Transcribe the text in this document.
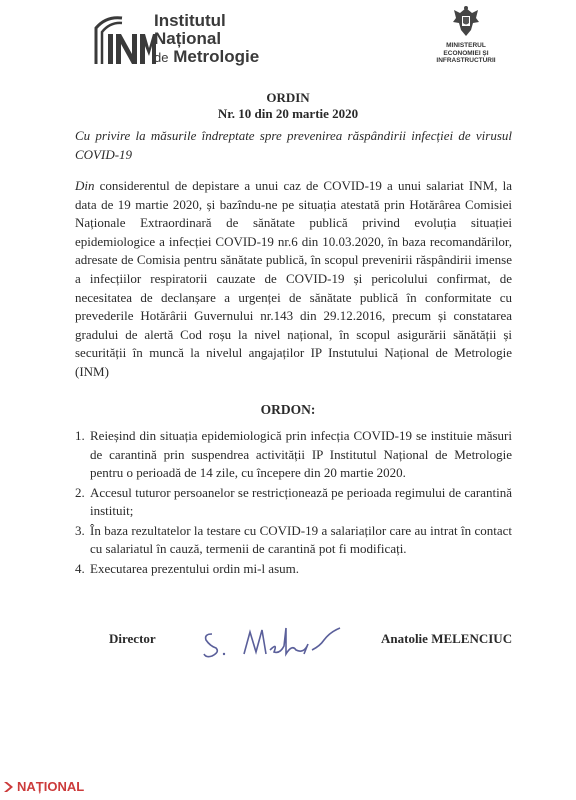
Institutul
Național
de Metrologie
MINISTERUL
ECONOMIEI ȘI
INFRASTRUCTURII
ORDIN
Nr. 10 din 20 martie 2020
Cu privire la măsurile îndreptate spre prevenirea răspândirii infecției de virusul COVID-19
Din considerentul de depistare a unui caz de COVID-19 a unui salariat INM, la data de 19 martie 2020, și bazîndu-ne pe situația atestată prin Hotărârea Comisiei Naționale Extraordinară de sănătate publică privind evoluția situației epidemiologice a infecției COVID-19 nr.6 din 10.03.2020, în baza recomandărilor, adresate de Comisia pentru sănătate publică, în scopul prevenirii răspândirii imense a infecțiilor respiratorii cauzate de COVID-19 și pericolului confirmat, de necesitatea de declanșare a urgenței de sănătate publică în conformitate cu prevederile Hotărârii Guvernului nr.143 din 29.12.2016, precum și constatarea gradului de alertă Cod roșu la nivel național, în scopul asigurării sănătății și securității în muncă la nivelul angajaților IP Instutului Național de Metrologie (INM)
ORDON:
1. Reieșind din situația epidemiologică prin infecția COVID-19 se instituie măsuri de carantină prin suspendrea activității IP Institutul Național de Metrologie pentru o perioadă de 14 zile, cu începere din 20 martie 2020.
2. Accesul tuturor persoanelor se restricționează pe perioada regimului de carantină instituit;
3. În baza rezultatelor la testare cu COVID-19 a salariaților care au intrat în contact cu salariatul în cauză, termenii de carantină pot fi modificați.
4. Executarea prezentului ordin mi-l asum.
Director	Anatolie MELENCIUC
NAȚIONAL
